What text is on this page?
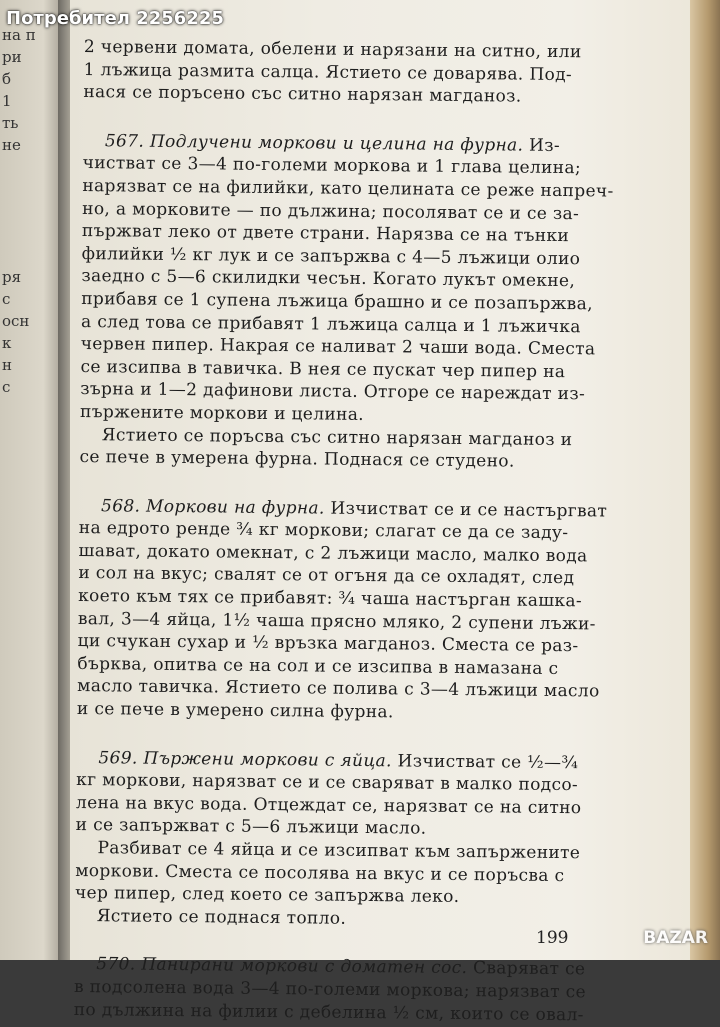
на п
ри
б
1
ть
не
ря
с
осн
к
н
с
2 червени домата, обелени и нарязани на ситно, или
1 лъжица размита салца. Ястието се доварява. Под-
нася се поръсено със ситно нарязан магданоз.
567. Подлучени моркови и целина на фурна. Из-
чистват се 3—4 по-големи моркова и 1 глава целина;
нарязват се на филийки, като целината се реже напреч-
но, а морковите — по дължина; посоляват се и се за-
пържват леко от двете страни. Нарязва се на тънки
филийки ½ кг лук и се запържва с 4—5 лъжици олио
заедно с 5—6 скилидки чесън. Когато лукът омекне,
прибавя се 1 супена лъжица брашно и се позапържва,
а след това се прибавят 1 лъжица салца и 1 лъжичка
червен пипер. Накрая се наливат 2 чаши вода. Сместа
се изсипва в тавичка. В нея се пускат чер пипер на
зърна и 1—2 дафинови листа. Отгоре се нареждат из-
пържените моркови и целина.
Ястието се поръсва със ситно нарязан магданоз и
се пече в умерена фурна. Поднася се студено.
568. Моркови на фурна. Изчистват се и се настъргват
на едрото ренде ¾ кг моркови; слагат се да се заду-
шават, докато омекнат, с 2 лъжици масло, малко вода
и сол на вкус; свалят се от огъня да се охладят, след
което към тях се прибавят: ¾ чаша настърган кашка-
вал, 3—4 яйца, 1½ чаша прясно мляко, 2 супени лъжи-
ци счукан сухар и ½ връзка магданоз. Сместа се раз-
бърква, опитва се на сол и се изсипва в намазана с
масло тавичка. Ястието се полива с 3—4 лъжици масло
и се пече в умерено силна фурна.
569. Пържени моркови с яйца. Изчистват се ½—¾
кг моркови, нарязват се и се сваряват в малко подсо-
лена на вкус вода. Отцеждат се, нарязват се на ситно
и се запържват с 5—6 лъжици масло.
Разбиват се 4 яйца и се изсипват към запържените
моркови. Сместа се посолява на вкус и се поръсва с
чер пипер, след което се запържва леко.
Ястието се поднася топло.
570. Панирани моркови с доматен сос. Сваряват се
в подсолена вода 3—4 по-големи моркова; нарязват се
по дължина на филии с дебелина ½ см, които се овал-
199
Потребител 2256225
BAZAR
